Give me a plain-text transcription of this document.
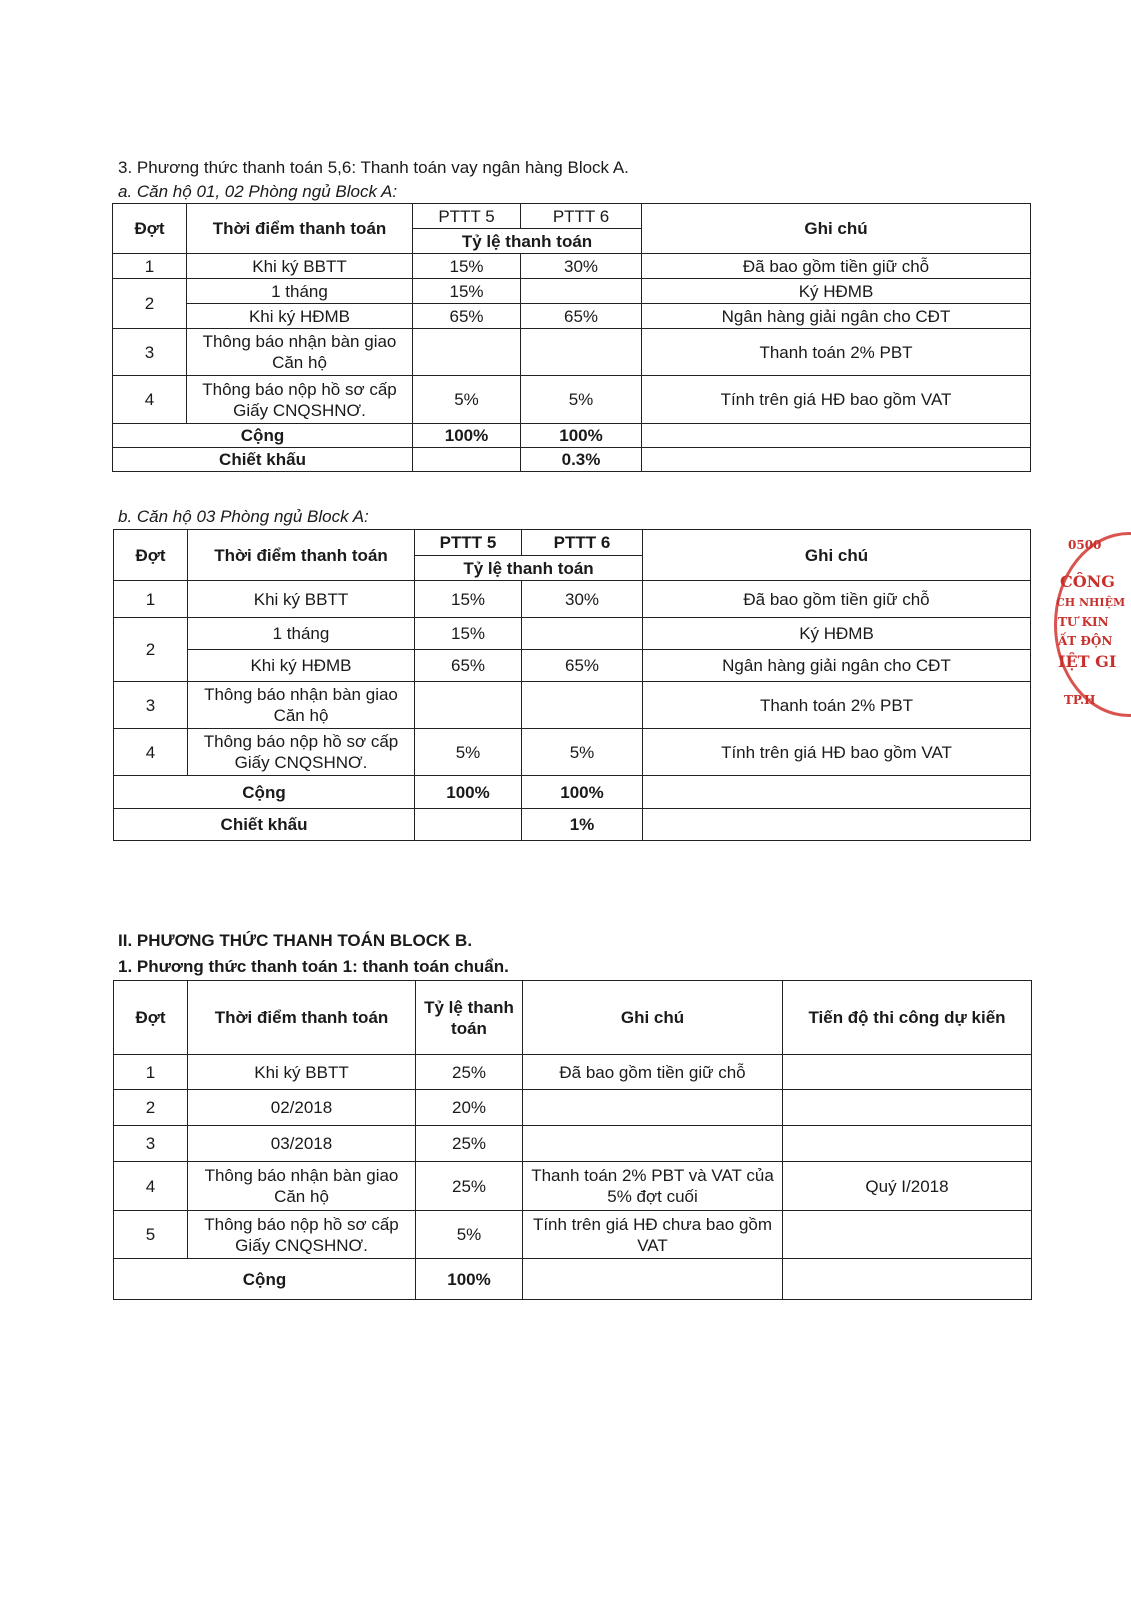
3. Phương thức thanh toán 5,6: Thanh toán vay ngân hàng Block A.
a. Căn hộ 01, 02 Phòng ngủ Block A:
Đợt	Thời điểm thanh toán	PTTT 5	PTTT 6	Ghi chú
		Tỷ lệ thanh toán		
1	Khi ký BBTT	15%	30%	Đã bao gồm tiền giữ chỗ
2	1 tháng	15%		Ký HĐMB
	Khi ký HĐMB	65%	65%	Ngân hàng giải ngân cho CĐT
3	Thông báo nhận bàn giao Căn hộ			Thanh toán 2% PBT
4	Thông báo nộp hồ sơ cấp Giấy CNQSHNƠ.	5%	5%	Tính trên giá HĐ bao gồm VAT
Cộng		100%	100%	
Chiết khấu			0.3%	
b. Căn hộ 03 Phòng ngủ Block A:
Đợt	Thời điểm thanh toán	PTTT 5	PTTT 6	Ghi chú
		Tỷ lệ thanh toán		
1	Khi ký BBTT	15%	30%	Đã bao gồm tiền giữ chỗ
2	1 tháng	15%		Ký HĐMB
	Khi ký HĐMB	65%	65%	Ngân hàng giải ngân cho CĐT
3	Thông báo nhận bàn giao Căn hộ			Thanh toán 2% PBT
4	Thông báo nộp hồ sơ cấp Giấy CNQSHNƠ.	5%	5%	Tính trên giá HĐ bao gồm VAT
Cộng		100%	100%	
Chiết khấu			1%	
II. PHƯƠNG THỨC THANH TOÁN BLOCK B.
1. Phương thức thanh toán 1: thanh toán chuẩn.
Đợt	Thời điểm thanh toán	Tỷ lệ thanh toán	Ghi chú	Tiến độ thi công dự kiến
1	Khi ký BBTT	25%	Đã bao gồm tiền giữ chỗ	
2	02/2018	20%		
3	03/2018	25%		
4	Thông báo nhận bàn giao Căn hộ	25%	Thanh toán 2% PBT và VAT của 5% đợt cuối	Quý I/2018
5	Thông báo nộp hồ sơ cấp Giấy CNQSHNƠ.	5%	Tính trên giá HĐ chưa bao gồm VAT	
Cộng		100%		
0500
CÔNG
CH NHIỆM
TƯ KIN
ẤT ĐỘN
IỆT GI
TP.H
